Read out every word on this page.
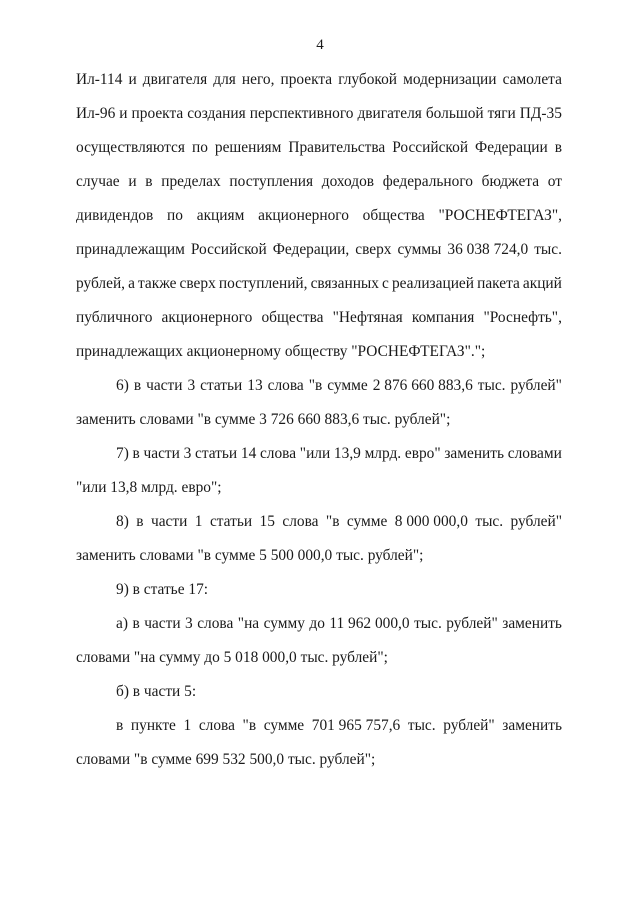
4
Ил-114 и двигателя для него, проекта глубокой модернизации самолета
Ил-96 и проекта создания перспективного двигателя большой тяги ПД-35
осуществляются по решениям Правительства Российской Федерации в
случае и в пределах поступления доходов федерального бюджета от
дивидендов по акциям акционерного общества "РОСНЕФТЕГАЗ",
принадлежащим Российской Федерации, сверх суммы 36 038 724,0 тыс.
рублей, а также сверх поступлений, связанных с реализацией пакета акций
публичного акционерного общества "Нефтяная компания "Роснефть",
принадлежащих акционерному обществу "РОСНЕФТЕГАЗ".";
6) в части 3 статьи 13 слова "в сумме 2 876 660 883,6 тыс. рублей"
заменить словами "в сумме 3 726 660 883,6 тыс. рублей";
7) в части 3 статьи 14 слова "или 13,9 млрд. евро" заменить словами
"или 13,8 млрд. евро";
8) в части 1 статьи 15 слова "в сумме 8 000 000,0 тыс. рублей"
заменить словами "в сумме 5 500 000,0 тыс. рублей";
9) в статье 17:
а) в части 3 слова "на сумму до 11 962 000,0 тыс. рублей" заменить
словами "на сумму до 5 018 000,0 тыс. рублей";
б) в части 5:
в пункте 1 слова "в сумме 701 965 757,6 тыс. рублей" заменить
словами "в сумме 699 532 500,0 тыс. рублей";
